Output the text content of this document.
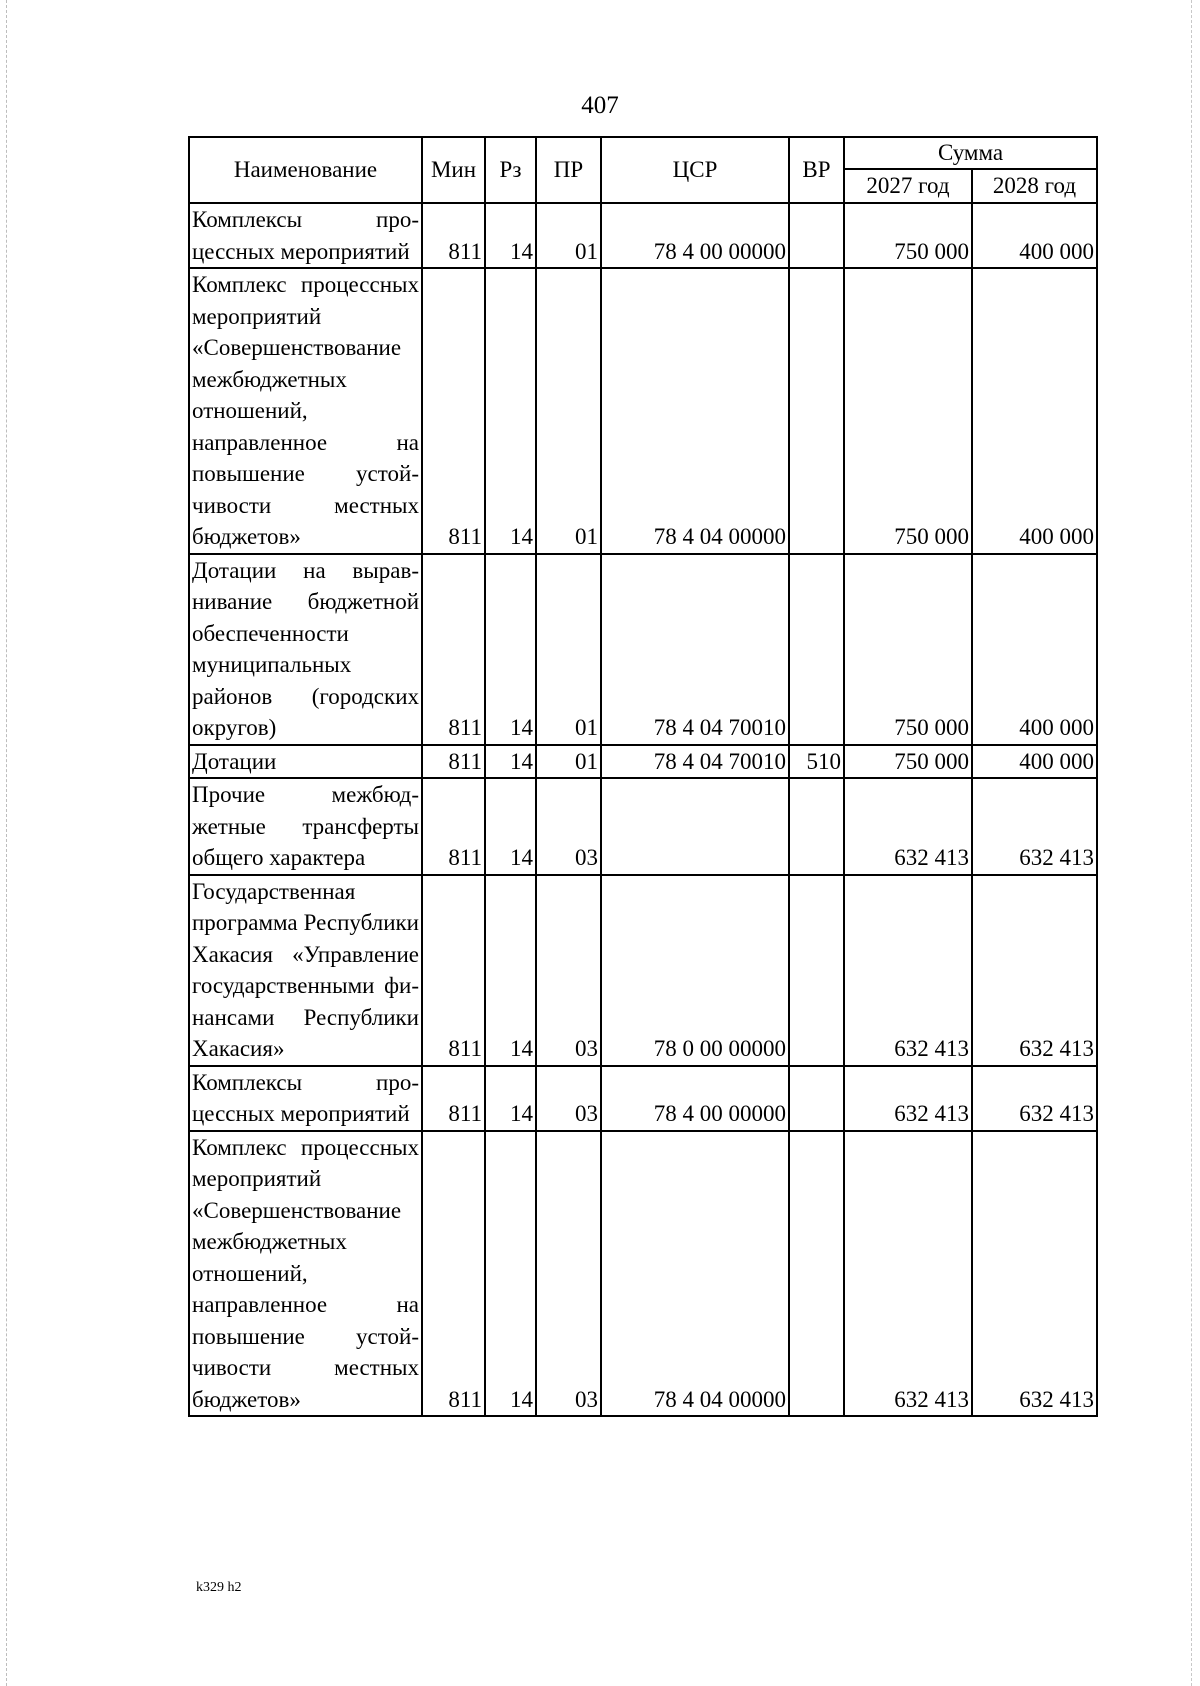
407
Наименование	Мин	Рз	ПР	ЦСР	ВР	Сумма	
						2027 год	2028 год
Комплексы процессных мероприятий	811	14	01	78 4 00 00000		750 000	400 000
Комплекс процессных мероприятий «Совершенствование межбюджетных отношений, направленное на повышение устойчивости местных бюджетов»	811	14	01	78 4 04 00000		750 000	400 000
Дотации на выравнивание бюджетной обеспеченности муниципальных районов (городских округов)	811	14	01	78 4 04 70010		750 000	400 000
Дотации	811	14	01	78 4 04 70010	510	750 000	400 000
Прочие межбюджетные трансферты общего характера	811	14	03			632 413	632 413
Государственная программа Республики Хакасия «Управление государственными финансами Республики Хакасия»	811	14	03	78 0 00 00000		632 413	632 413
Комплексы процессных мероприятий	811	14	03	78 4 00 00000		632 413	632 413
Комплекс процессных мероприятий «Совершенствование межбюджетных отношений, направленное на повышение устойчивости местных бюджетов»	811	14	03	78 4 04 00000		632 413	632 413
k329 h2
